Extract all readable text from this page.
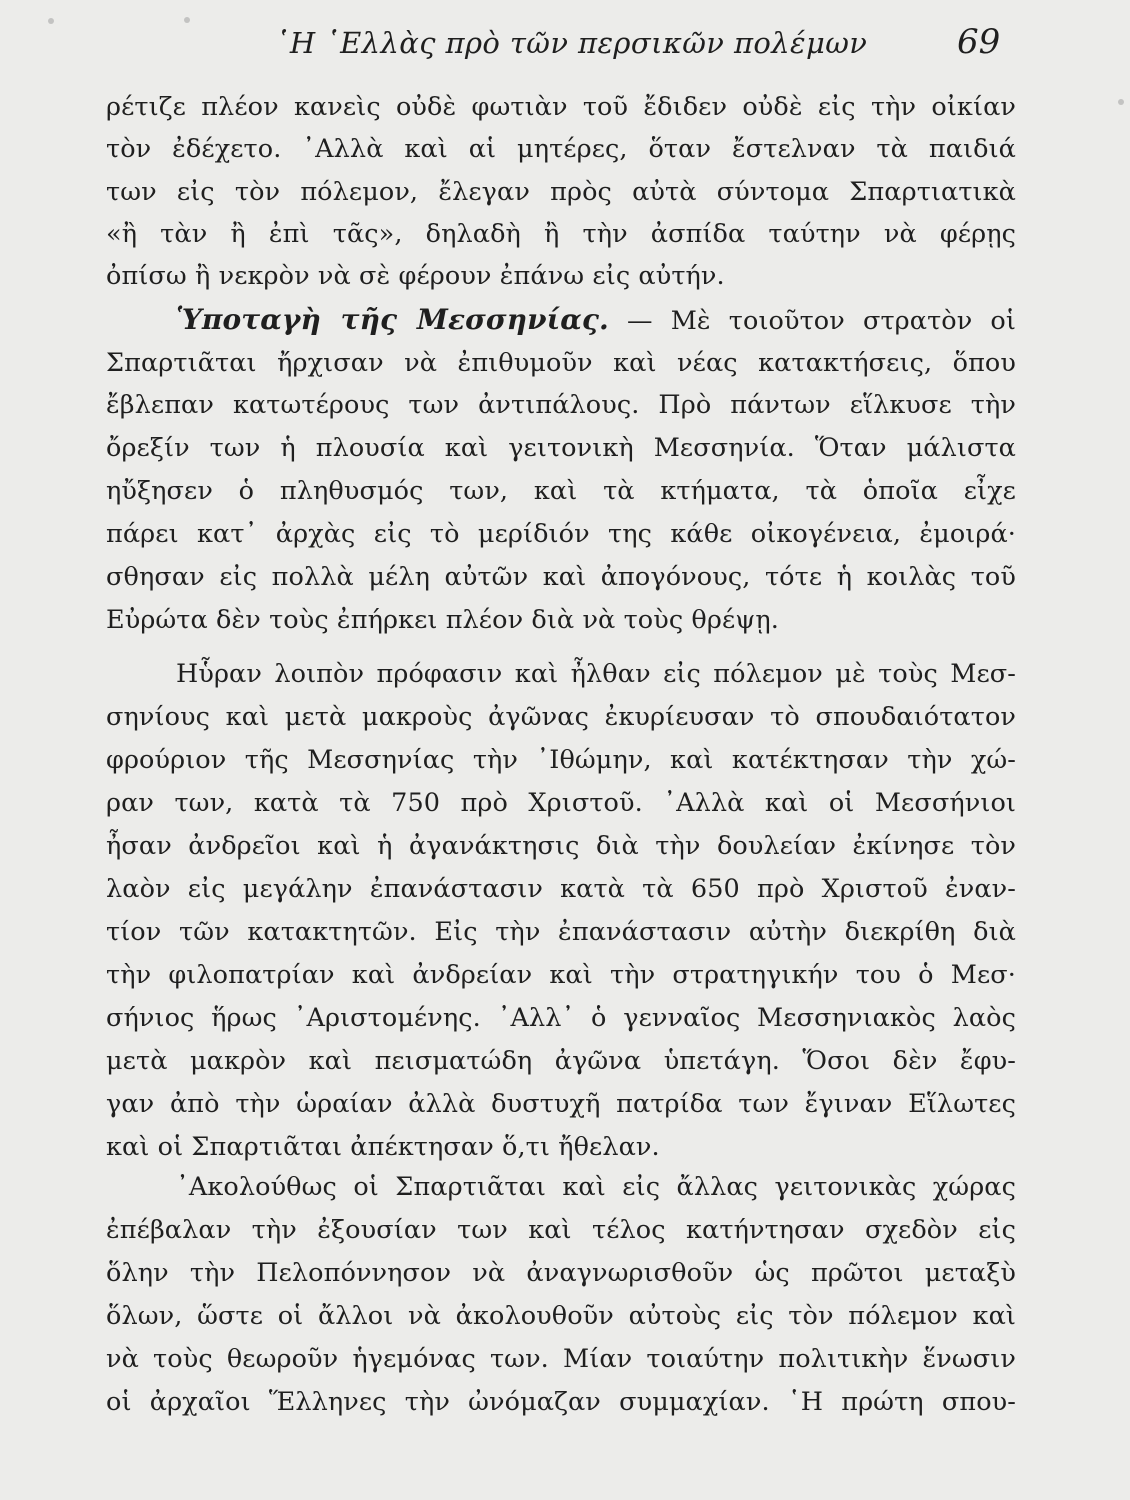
῾Η ῾Ελλὰς πρὸ τῶν περσικῶν πολέμων	69
ρέτιζε πλέον κανεὶς οὐδὲ φωτιὰν τοῦ ἔδιδεν οὐδὲ εἰς τὴν οἰκίαν
τὸν ἐδέχετο. ᾿Αλλὰ καὶ αἱ μητέρες, ὅταν ἔστελναν τὰ παιδιά
των εἰς τὸν πόλεμον, ἔλεγαν πρὸς αὐτὰ σύντομα Σπαρτιατικὰ
«ἢ τὰν ἢ ἐπὶ τᾶς», δηλαδὴ ἢ τὴν ἀσπίδα ταύτην νὰ φέρῃς
ὀπίσω ἢ νεκρὸν νὰ σὲ φέρουν ἐπάνω εἰς αὐτήν.
Ὑποταγὴ τῆς Μεσσηνίας. — Μὲ τοιοῦτον στρατὸν οἱ
Σπαρτιᾶται ἤρχισαν νὰ ἐπιθυμοῦν καὶ νέας κατακτήσεις, ὅπου
ἔβλεπαν κατωτέρους των ἀντιπάλους. Πρὸ πάντων εἵλκυσε τὴν
ὄρεξίν των ἡ πλουσία καὶ γειτονικὴ Μεσσηνία. Ὅταν μάλιστα
ηὔξησεν ὁ πληθυσμός των, καὶ τὰ κτήματα, τὰ ὁποῖα εἶχε
πάρει κατ᾿ ἀρχὰς εἰς τὸ μερίδιόν της κάθε οἰκογένεια, ἐμοιρά·
σθησαν εἰς πολλὰ μέλη αὐτῶν καὶ ἀπογόνους, τότε ἡ κοιλὰς τοῦ
Εὐρώτα δὲν τοὺς ἐπήρκει πλέον διὰ νὰ τοὺς θρέψῃ.
Ηὗραν λοιπὸν πρόφασιν καὶ ἦλθαν εἰς πόλεμον μὲ τοὺς Μεσ-
σηνίους καὶ μετὰ μακροὺς ἀγῶνας ἐκυρίευσαν τὸ σπουδαιότατον
φρούριον τῆς Μεσσηνίας τὴν ᾿Ιθώμην, καὶ κατέκτησαν τὴν χώ-
ραν των, κατὰ τὰ 750 πρὸ Χριστοῦ. ᾿Αλλὰ καὶ οἱ Μεσσήνιοι
ἦσαν ἀνδρεῖοι καὶ ἡ ἀγανάκτησις διὰ τὴν δουλείαν ἐκίνησε τὸν
λαὸν εἰς μεγάλην ἐπανάστασιν κατὰ τὰ 650 πρὸ Χριστοῦ ἐναν-
τίον τῶν κατακτητῶν. Εἰς τὴν ἐπανάστασιν αὐτὴν διεκρίθη διὰ
τὴν φιλοπατρίαν καὶ ἀνδρείαν καὶ τὴν στρατηγικήν του ὁ Μεσ·
σήνιος ἥρως ᾿Αριστομένης. ᾿Αλλ᾿ ὁ γενναῖος Μεσσηνιακὸς λαὸς
μετὰ μακρὸν καὶ πεισματώδη ἀγῶνα ὑπετάγη. Ὅσοι δὲν ἔφυ-
γαν ἀπὸ τὴν ὡραίαν ἀλλὰ δυστυχῆ πατρίδα των ἔγιναν Εἵλωτες
καὶ οἱ Σπαρτιᾶται ἀπέκτησαν ὅ,τι ἤθελαν.
᾿Ακολούθως οἱ Σπαρτιᾶται καὶ εἰς ἄλλας γειτονικὰς χώρας
ἐπέβαλαν τὴν ἐξουσίαν των καὶ τέλος κατήντησαν σχεδὸν εἰς
ὅλην τὴν Πελοπόννησον νὰ ἀναγνωρισθοῦν ὡς πρῶτοι μεταξὺ
ὅλων, ὥστε οἱ ἄλλοι νὰ ἀκολουθοῦν αὐτοὺς εἰς τὸν πόλεμον καὶ
νὰ τοὺς θεωροῦν ἡγεμόνας των. Μίαν τοιαύτην πολιτικὴν ἕνωσιν
οἱ ἀρχαῖοι Ἕλληνες τὴν ὠνόμαζαν συμμαχίαν. ῾Η πρώτη σπου-
